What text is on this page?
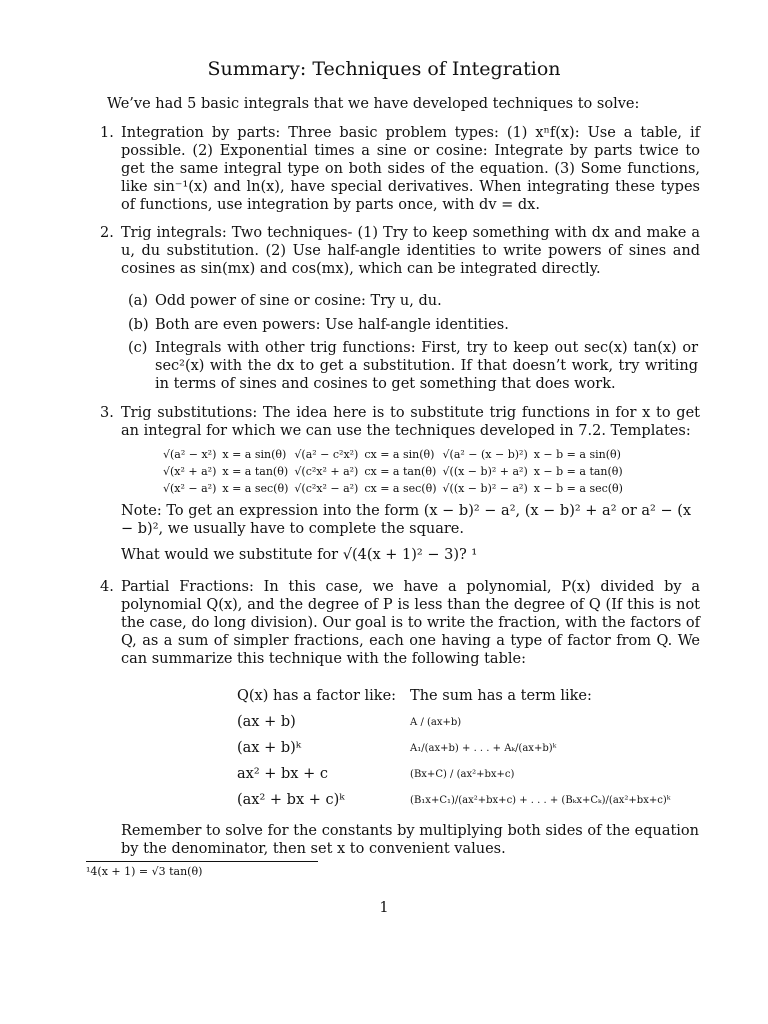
Summary: Techniques of Integration
We’ve had 5 basic integrals that we have developed techniques to solve:
1. Integration by parts: Three basic problem types: (1) xⁿf(x): Use a table, if possible. (2) Exponential times a sine or cosine: Integrate by parts twice to get the same integral type on both sides of the equation. (3) Some functions, like sin⁻¹(x) and ln(x), have special derivatives. When integrating these types of functions, use integration by parts once, with dv = dx.
2. Trig integrals: Two techniques- (1) Try to keep something with dx and make a u, du substitution. (2) Use half-angle identities to write powers of sines and cosines as sin(mx) and cos(mx), which can be integrated directly.
(a) Odd power of sine or cosine: Try u, du.
(b) Both are even powers: Use half-angle identities.
(c) Integrals with other trig functions: First, try to keep out sec(x) tan(x) or sec²(x) with the dx to get a substitution. If that doesn’t work, try writing in terms of sines and cosines to get something that does work.
3. Trig substitutions: The idea here is to substitute trig functions in for x to get an integral for which we can use the techniques developed in 7.2. Templates:
√(a² − x²)	x = a sin(θ)	√(a² − c²x²)	cx = a sin(θ)	√(a² − (x − b)²)	x − b = a sin(θ)
√(x² + a²)	x = a tan(θ)	√(c²x² + a²)	cx = a tan(θ)	√((x − b)² + a²)	x − b = a tan(θ)
√(x² − a²)	x = a sec(θ)	√(c²x² − a²)	cx = a sec(θ)	√((x − b)² − a²)	x − b = a sec(θ)
Note: To get an expression into the form (x − b)² − a², (x − b)² + a² or a² − (x − b)², we usually have to complete the square.
What would we substitute for √(4(x + 1)² − 3)? ¹
4. Partial Fractions: In this case, we have a polynomial, P(x) divided by a polynomial Q(x), and the degree of P is less than the degree of Q (If this is not the case, do long division). Our goal is to write the fraction, with the factors of Q, as a sum of simpler fractions, each one having a type of factor from Q. We can summarize this technique with the following table:
Q(x) has a factor like:	The sum has a term like:
(ax + b)	A / (ax+b)
(ax + b)ᵏ	A₁/(ax+b) + . . . + Aₖ/(ax+b)ᵏ
ax² + bx + c	(Bx+C) / (ax²+bx+c)
(ax² + bx + c)ᵏ	(B₁x+C₁)/(ax²+bx+c) + . . . + (Bₖx+Cₖ)/(ax²+bx+c)ᵏ
Remember to solve for the constants by multiplying both sides of the equation by the denominator, then set x to convenient values.
¹4(x + 1) = √3 tan(θ)
1
